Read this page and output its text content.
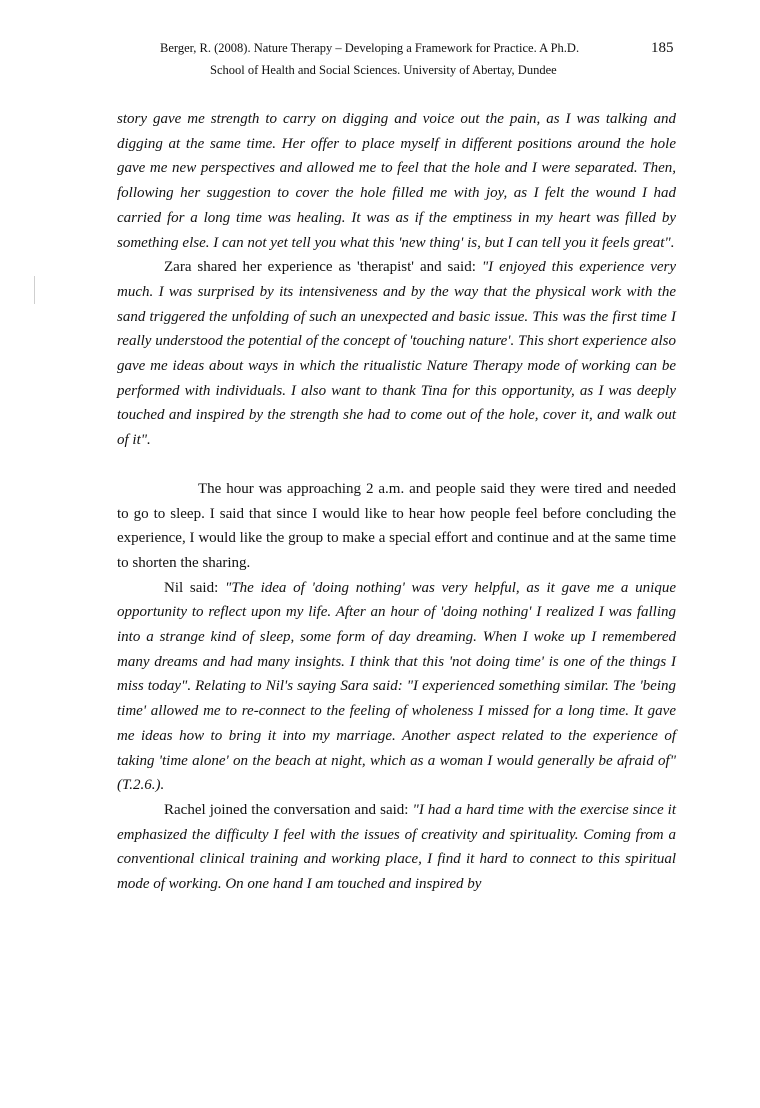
Berger, R. (2008). Nature Therapy – Developing a Framework for Practice. A Ph.D.
School of Health and Social Sciences. University of Abertay, Dundee
185

story gave me strength to carry on digging and voice out the pain, as I was talking and digging at the same time. Her offer to place myself in different positions around the hole gave me new perspectives and allowed me to feel that the hole and I were separated. Then, following her suggestion to cover the hole filled me with joy, as I felt the wound I had carried for a long time was healing. It was as if the emptiness in my heart was filled by something else. I can not yet tell you what this 'new thing' is, but I can tell you it feels great".

Zara shared her experience as 'therapist' and said: "I enjoyed this experience very much. I was surprised by its intensiveness and by the way that the physical work with the sand triggered the unfolding of such an unexpected and basic issue. This was the first time I really understood the potential of the concept of 'touching nature'. This short experience also gave me ideas about ways in which the ritualistic Nature Therapy mode of working can be performed with individuals. I also want to thank Tina for this opportunity, as I was deeply touched and inspired by the strength she had to come out of the hole, cover it, and walk out of it".

The hour was approaching 2 a.m. and people said they were tired and needed to go to sleep. I said that since I would like to hear how people feel before concluding the experience, I would like the group to make a special effort and continue and at the same time to shorten the sharing.

Nil said: "The idea of 'doing nothing' was very helpful, as it gave me a unique opportunity to reflect upon my life. After an hour of 'doing nothing' I realized I was falling into a strange kind of sleep, some form of day dreaming. When I woke up I remembered many dreams and had many insights. I think that this 'not doing time' is one of the things I miss today". Relating to Nil's saying Sara said: "I experienced something similar. The 'being time' allowed me to re-connect to the feeling of wholeness I missed for a long time. It gave me ideas how to bring it into my marriage. Another aspect related to the experience of taking 'time alone' on the beach at night, which as a woman I would generally be afraid of" (T.2.6.).

Rachel joined the conversation and said: "I had a hard time with the exercise since it emphasized the difficulty I feel with the issues of creativity and spirituality. Coming from a conventional clinical training and working place, I find it hard to connect to this spiritual mode of working. On one hand I am touched and inspired by
